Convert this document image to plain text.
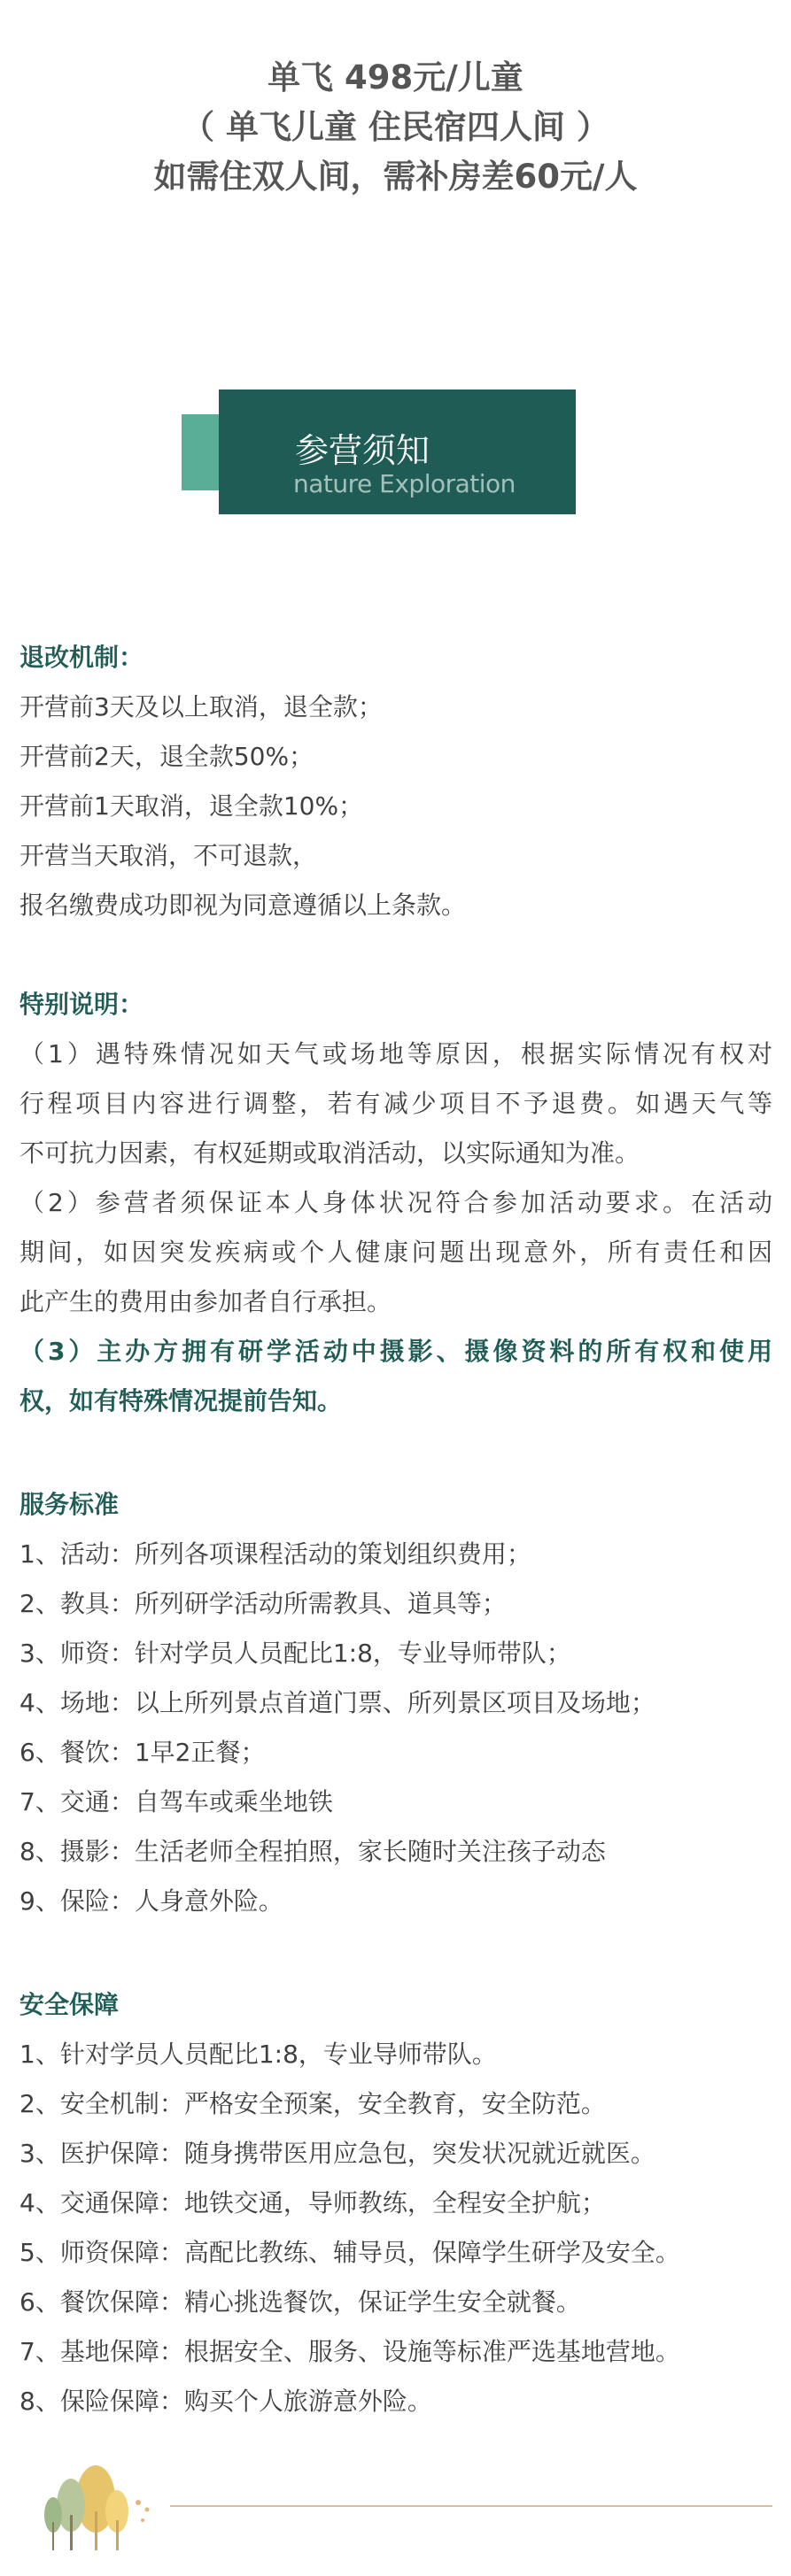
单飞 498元/儿童
（ 单飞儿童 住民宿四人间 ）
如需住双人间，需补房差60元/人
参营须知
nature Exploration
退改机制：
开营前3天及以上取消，退全款；
开营前2天，退全款50%；
开营前1天取消，退全款10%；
开营当天取消，不可退款，
报名缴费成功即视为同意遵循以上条款。
特别说明：
（1）遇特殊情况如天气或场地等原因，根据实际情况有权对
行程项目内容进行调整，若有减少项目不予退费。如遇天气等
不可抗力因素，有权延期或取消活动，以实际通知为准。
（2）参营者须保证本人身体状况符合参加活动要求。在活动
期间，如因突发疾病或个人健康问题出现意外，所有责任和因
此产生的费用由参加者自行承担。
（3）主办方拥有研学活动中摄影、摄像资料的所有权和使用
权，如有特殊情况提前告知。
服务标准
1、活动：所列各项课程活动的策划组织费用；
2、教具：所列研学活动所需教具、道具等；
3、师资：针对学员人员配比1:8，专业导师带队；
4、场地：以上所列景点首道门票、所列景区项目及场地；
6、餐饮：1早2正餐；
7、交通：自驾车或乘坐地铁
8、摄影：生活老师全程拍照，家长随时关注孩子动态
9、保险：人身意外险。
安全保障
1、针对学员人员配比1:8，专业导师带队。
2、安全机制：严格安全预案，安全教育，安全防范。
3、医护保障：随身携带医用应急包，突发状况就近就医。
4、交通保障：地铁交通，导师教练，全程安全护航；
5、师资保障：高配比教练、辅导员，保障学生研学及安全。
6、餐饮保障：精心挑选餐饮，保证学生安全就餐。
7、基地保障：根据安全、服务、设施等标准严选基地营地。
8、保险保障：购买个人旅游意外险。
